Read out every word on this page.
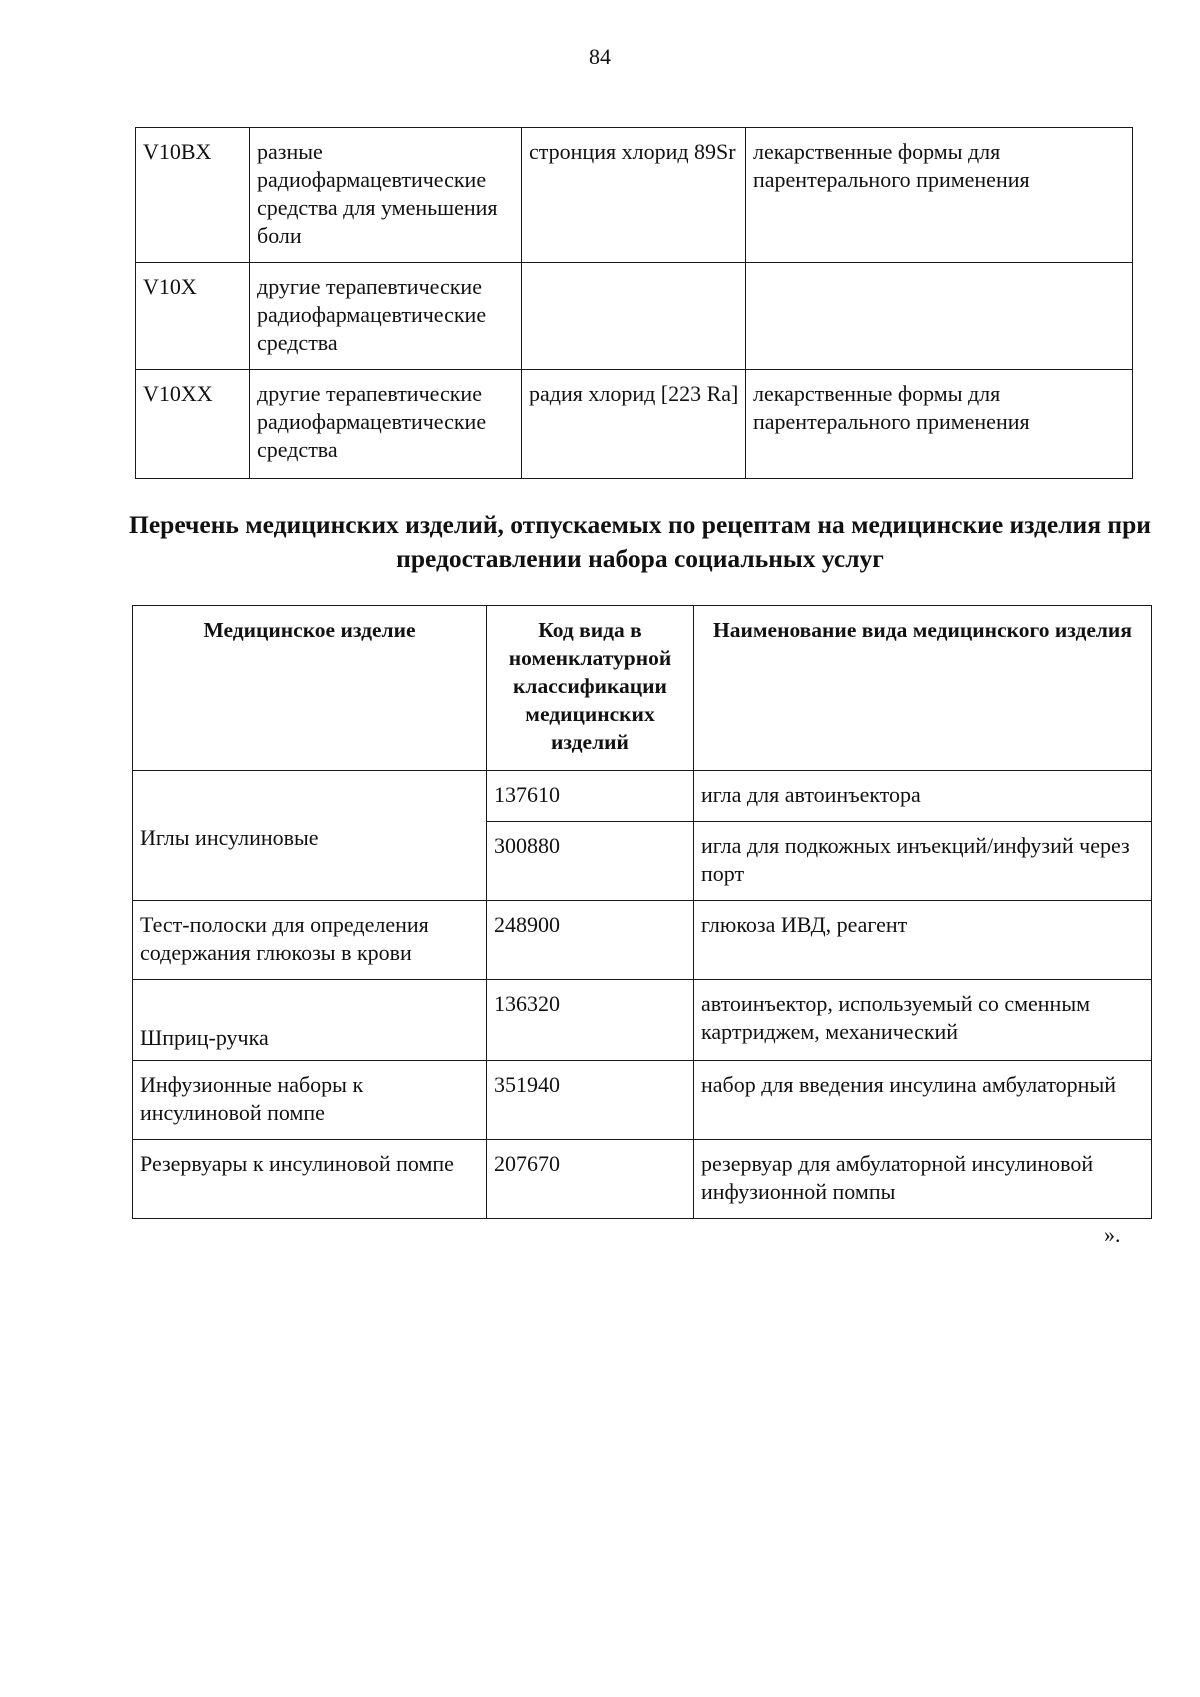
84
V10BX	разные радиофармацевтические средства для уменьшения боли	стронция хлорид 89Sr	лекарственные формы для парентерального применения
V10X	другие терапевтические радиофармацевтические средства		
V10XX	другие терапевтические радиофармацевтические средства	радия хлорид [223 Ra]	лекарственные формы для парентерального применения
Перечень медицинских изделий, отпускаемых по рецептам на медицинские изделия при предоставлении набора социальных услуг
Медицинское изделие	Код вида в номенклатурной классификации медицинских изделий	Наименование вида медицинского изделия
Иглы инсулиновые	137610	игла для автоинъектора
	300880	игла для подкожных инъекций/инфузий через порт
Тест-полоски для определения содержания глюкозы в крови	248900	глюкоза ИВД, реагент
Шприц-ручка	136320	автоинъектор, используемый со сменным картриджем, механический
Инфузионные наборы к инсулиновой помпе	351940	набор для введения инсулина амбулаторный
Резервуары к инсулиновой помпе	207670	резервуар для амбулаторной инсулиновой инфузионной помпы
».
